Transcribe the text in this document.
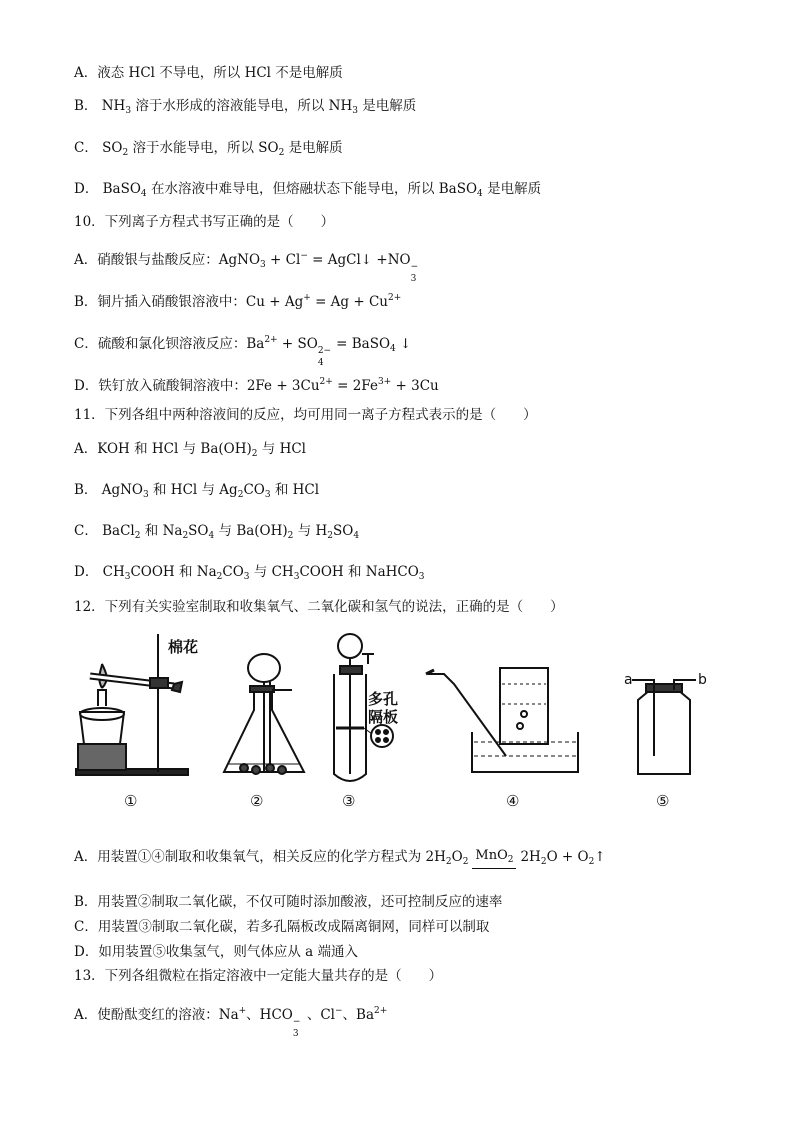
A．液态 HCl 不导电，所以 HCl 不是电解质
B． $NH_3$ 溶于水形成的溶液能导电，所以 $NH_3$ 是电解质
C． $SO_2$ 溶于水能导电，所以 $SO_2$ 是电解质
D． BaSO$_4$ 在水溶液中难导电，但熔融状态下能导电，所以 BaSO$_4$ 是电解质
10．下列离子方程式书写正确的是（　　）
A．硝酸银与盐酸反应：AgNO$_3$ + Cl− = AgCl↓ +NO −
3
B．铜片插入硝酸银溶液中：$Cu + Ag^+ = Ag + Cu^{2+}$
C．硫酸和氯化钡溶液反应：$Ba^{2+}$ + SO 2−
4
= BaSO$_4$ ↓
D．铁钉放入硫酸铜溶液中：$2Fe + 3Cu^{2+} = 2Fe^{3+} + 3Cu$
11．下列各组中两种溶液间的反应，均可用同一离子方程式表示的是（　　）
A．KOH 和 HCl 与 $Ba(OH)_2$ 与 HCl
B． AgNO$_3$ 和 HCl 与 $Ag_2CO_3$ 和 HCl
C． BaCl$_2$ 和 $Na_2SO_4$ 与 $Ba(OH)_2$ 与 $H_2SO_4$
D． $CH_3COOH$ 和 $Na_2CO_3$ 与 $CH_3COOH$ 和 NaHCO$_3$
12．下列有关实验室制取和收集氧气、二氧化碳和氢气的说法，正确的是（　　）
棉花
多孔
隔板
a	b
①	②	③	④	⑤
A．用装置①④制取和收集氧气，相关反应的化学方程式为 $2H_2O_2$ MnO$_2$ $2H_2O$ + $O_2↑$
B．用装置②制取二氧化碳，不仅可随时添加酸液，还可控制反应的速率
C．用装置③制取二氧化碳，若多孔隔板改成隔离铜网，同样可以制取
D．如用装置⑤收集氢气，则气体应从 a 端通入
13．下列各组微粒在指定溶液中一定能大量共存的是（　　）
A．使酚酞变红的溶液：Na+、HCO −
3
、Cl−、$Ba^{2+}$
